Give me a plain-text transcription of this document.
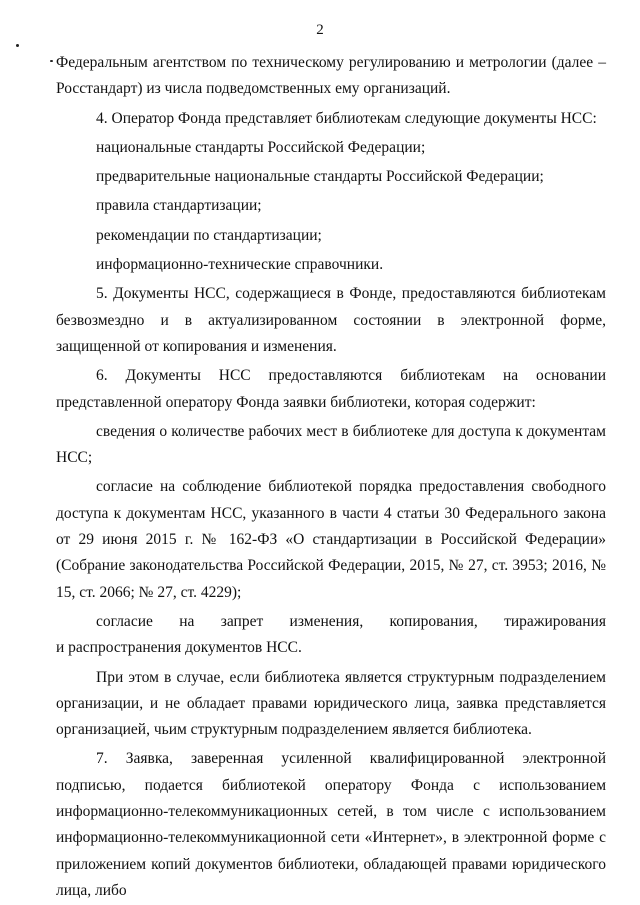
2

Федеральным агентством по техническому регулированию и метрологии (далее – Росстандарт) из числа подведомственных ему организаций.

4. Оператор Фонда представляет библиотекам следующие документы НСС:

национальные стандарты Российской Федерации;

предварительные национальные стандарты Российской Федерации;

правила стандартизации;

рекомендации по стандартизации;

информационно-технические справочники.

5. Документы НСС, содержащиеся в Фонде, предоставляются библиотекам безвозмездно и в актуализированном состоянии в электронной форме, защищенной от копирования и изменения.

6. Документы НСС предоставляются библиотекам на основании

представленной оператору Фонда заявки библиотеки, которая содержит:

сведения о количестве рабочих мест в библиотеке для доступа к документам НСС;

согласие на соблюдение библиотекой порядка предоставления свободного доступа к документам НСС, указанного в части 4 статьи 30 Федерального закона от 29 июня 2015 г. № 162-ФЗ «О стандартизации в Российской Федерации» (Собрание законодательства Российской Федерации, 2015, № 27, ст. 3953; 2016, № 15, ст. 2066; № 27, ст. 4229);

согласие на запрет изменения, копирования, тиражирования

и распространения документов НСС.

При этом в случае, если библиотека является структурным подразделением организации, и не обладает правами юридического лица, заявка представляется организацией, чьим структурным подразделением является библиотека.

7. Заявка, заверенная усиленной квалифицированной электронной подписью, подается библиотекой оператору Фонда с использованием информационно-телекоммуникационных сетей, в том числе с использованием информационно-телекоммуникационной сети «Интернет», в электронной форме с приложением копий документов библиотеки, обладающей правами юридического лица, либо
